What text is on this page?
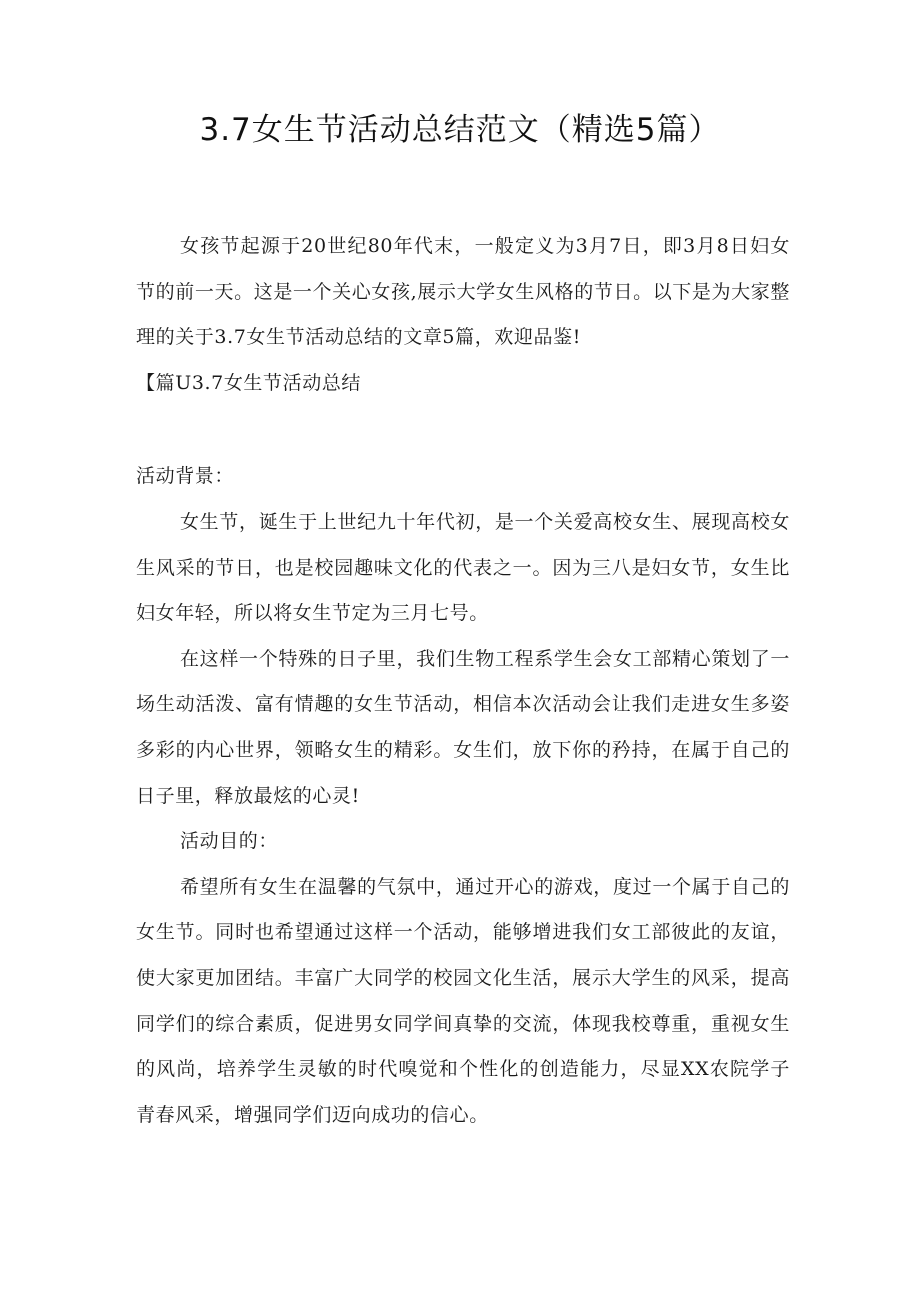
3.7女生节活动总结范文（精选5篇）

女孩节起源于20世纪80年代末，一般定义为3月7日，即3月8日妇女节的前一天。这是一个关心女孩,展示大学女生风格的节日。以下是为大家整理的关于3.7女生节活动总结的文章5篇，欢迎品鉴!

【篇U3.7女生节活动总结

活动背景：

女生节，诞生于上世纪九十年代初，是一个关爱高校女生、展现高校女生风采的节日，也是校园趣味文化的代表之一。因为三八是妇女节，女生比妇女年轻，所以将女生节定为三月七号。

在这样一个特殊的日子里，我们生物工程系学生会女工部精心策划了一场生动活泼、富有情趣的女生节活动，相信本次活动会让我们走进女生多姿多彩的内心世界，领略女生的精彩。女生们，放下你的矜持，在属于自己的日子里，释放最炫的心灵!

活动目的：

希望所有女生在温馨的气氛中，通过开心的游戏，度过一个属于自己的女生节。同时也希望通过这样一个活动，能够增进我们女工部彼此的友谊，使大家更加团结。丰富广大同学的校园文化生活，展示大学生的风采，提高同学们的综合素质，促进男女同学间真挚的交流，体现我校尊重，重视女生的风尚，培养学生灵敏的时代嗅觉和个性化的创造能力，尽显XX农院学子青春风采，增强同学们迈向成功的信心。
